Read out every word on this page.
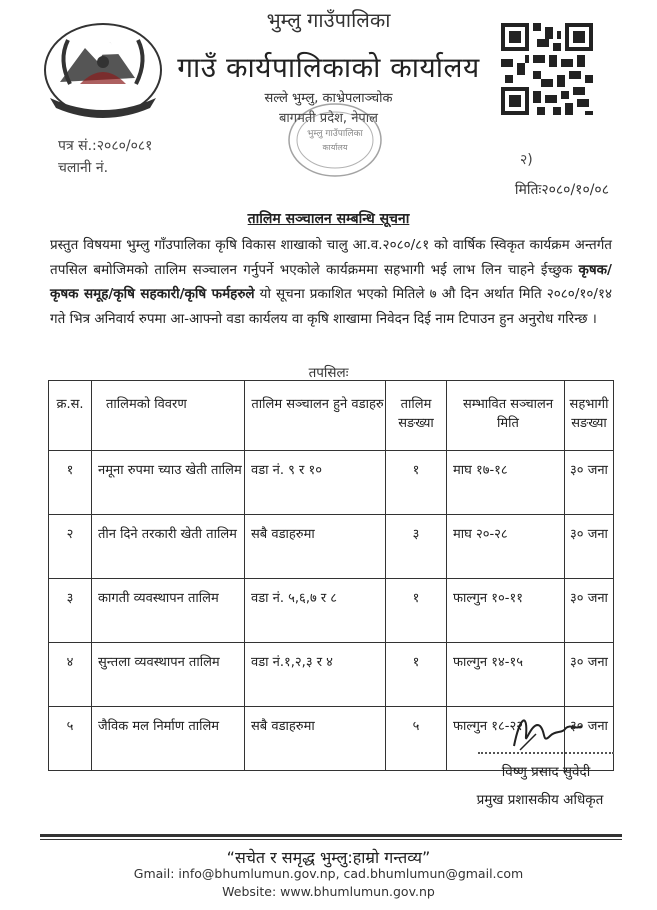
भुम्लु गाउँपालिका
गाउँ कार्यपालिकाको कार्यालय
सल्ले भुम्लु, काभ्रेपलाञ्चोक
बागमती प्रदेश, नेपाल
भुम्लु गाउँपालिका
कार्यालय
पत्र सं.:२०८०/०८१
चलानी नं.	२)
मितिः२०८०/१०/०८
तालिम सञ्चालन सम्बन्धि सूचना
प्रस्तुत विषयमा भुम्लु गाँउपालिका कृषि विकास शाखाको चालु आ.व.२०८०/८१ को वार्षिक स्विकृत कार्यक्रम अन्तर्गत तपसिल बमोजिमको तालिम सञ्चालन गर्नुपर्ने भएकोले कार्यक्रममा सहभागी भई लाभ लिन चाहने ईच्छुक कृषक/कृषक समूह/कृषि सहकारी/कृषि फर्महरुले यो सूचना प्रकाशित भएको मितिले ७ औ दिन अर्थात मिति २०८०/१०/१४ गते भित्र अनिवार्य रुपमा आ-आफ्नो वडा कार्यलय वा कृषि शाखामा निवेदन दिई नाम टिपाउन हुन अनुरोध गरिन्छ ।
तपसिलः
क्र.स.	तालिमको विवरण	तालिम सञ्चालन हुने वडाहरु	तालिम सङख्या	सम्भावित सञ्चालन मिति	सहभागी सङख्या
१	नमूना रुपमा च्याउ खेती तालिम	वडा नं. ९ र १०	१	माघ १७-१८	३० जना
२	तीन दिने तरकारी खेती तालिम	सबै वडाहरुमा	३	माघ २०-२८	३० जना
३	कागती व्यवस्थापन तालिम	वडा नं. ५,६,७ र ८	१	फाल्गुन १०-११	३० जना
४	सुन्तला व्यवस्थापन तालिम	वडा नं.१,२,३ र ४	१	फाल्गुन १४-१५	३० जना
५	जैविक मल निर्माण तालिम	सबै वडाहरुमा	५	फाल्गुन १८-२२	३० जना
विष्णु प्रसाद सुवेदी
प्रमुख प्रशासकीय अधिकृत
“सचेत र समृद्ध भुम्लु:हाम्रो गन्तव्य”
Gmail: info@bhumlumun.gov.np, cad.bhumlumun@gmail.com
Website: www.bhumlumun.gov.np
